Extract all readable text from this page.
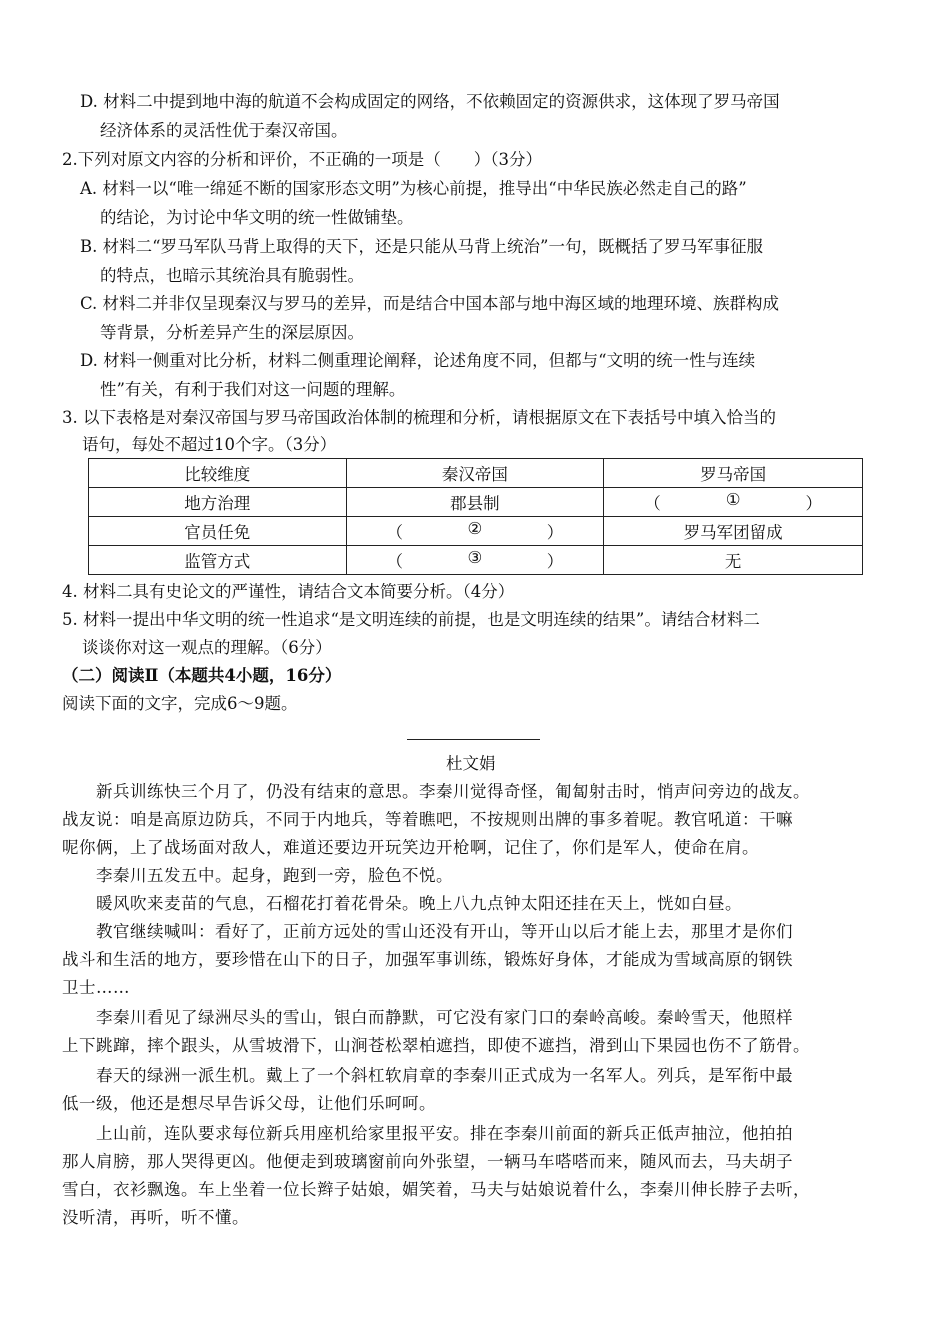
D. 材料二中提到地中海的航道不会构成固定的网络，不依赖固定的资源供求，这体现了罗马帝国

经济体系的灵活性优于秦汉帝国。

2.下列对原文内容的分析和评价，不正确的一项是（　　）（3分）

A. 材料一以“唯一绵延不断的国家形态文明”为核心前提，推导出“中华民族必然走自己的路”

的结论，为讨论中华文明的统一性做铺垫。

B. 材料二“罗马军队马背上取得的天下，还是只能从马背上统治”一句，既概括了罗马军事征服

的特点，也暗示其统治具有脆弱性。

C. 材料二并非仅呈现秦汉与罗马的差异，而是结合中国本部与地中海区域的地理环境、族群构成

等背景，分析差异产生的深层原因。

D. 材料一侧重对比分析，材料二侧重理论阐释，论述角度不同，但都与“文明的统一性与连续

性”有关，有利于我们对这一问题的理解。

3. 以下表格是对秦汉帝国与罗马帝国政治体制的梳理和分析，请根据原文在下表括号中填入恰当的

语句，每处不超过10个字。（3分）

比较维度	秦汉帝国	罗马帝国
地方治理	郡县制	（ ① ）

官员任免	（ ② ）	罗马军团留成
监管方式	（ ③ ）	无

4. 材料二具有史论文的严谨性，请结合文本简要分析。（4分）

5. 材料一提出中华文明的统一性追求“是文明连续的前提，也是文明连续的结果”。请结合材料二

谈谈你对这一观点的理解。（6分）

（二）阅读Ⅱ（本题共4小题，16分）

阅读下面的文字，完成6～9题。

杜文娟

新兵训练快三个月了，仍没有结束的意思。李秦川觉得奇怪，匍匐射击时，悄声问旁边的战友。

战友说：咱是高原边防兵，不同于内地兵，等着瞧吧，不按规则出牌的事多着呢。教官吼道：干嘛

呢你俩，上了战场面对敌人，难道还要边开玩笑边开枪啊，记住了，你们是军人，使命在肩。

李秦川五发五中。起身，跑到一旁，脸色不悦。

暖风吹来麦苗的气息，石榴花打着花骨朵。晚上八九点钟太阳还挂在天上，恍如白昼。

教官继续喊叫：看好了，正前方远处的雪山还没有开山，等开山以后才能上去，那里才是你们

战斗和生活的地方，要珍惜在山下的日子，加强军事训练，锻炼好身体，才能成为雪域高原的钢铁

卫士……

李秦川看见了绿洲尽头的雪山，银白而静默，可它没有家门口的秦岭高峻。秦岭雪天，他照样

上下跳蹿，摔个跟头，从雪坡滑下，山涧苍松翠柏遮挡，即使不遮挡，滑到山下果园也伤不了筋骨。

春天的绿洲一派生机。戴上了一个斜杠软肩章的李秦川正式成为一名军人。列兵，是军衔中最

低一级，他还是想尽早告诉父母，让他们乐呵呵。

上山前，连队要求每位新兵用座机给家里报平安。排在李秦川前面的新兵正低声抽泣，他拍拍

那人肩膀，那人哭得更凶。他便走到玻璃窗前向外张望，一辆马车嗒嗒而来，随风而去，马夫胡子

雪白，衣衫飘逸。车上坐着一位长辫子姑娘，媚笑着，马夫与姑娘说着什么，李秦川伸长脖子去听，

没听清，再听，听不懂。
